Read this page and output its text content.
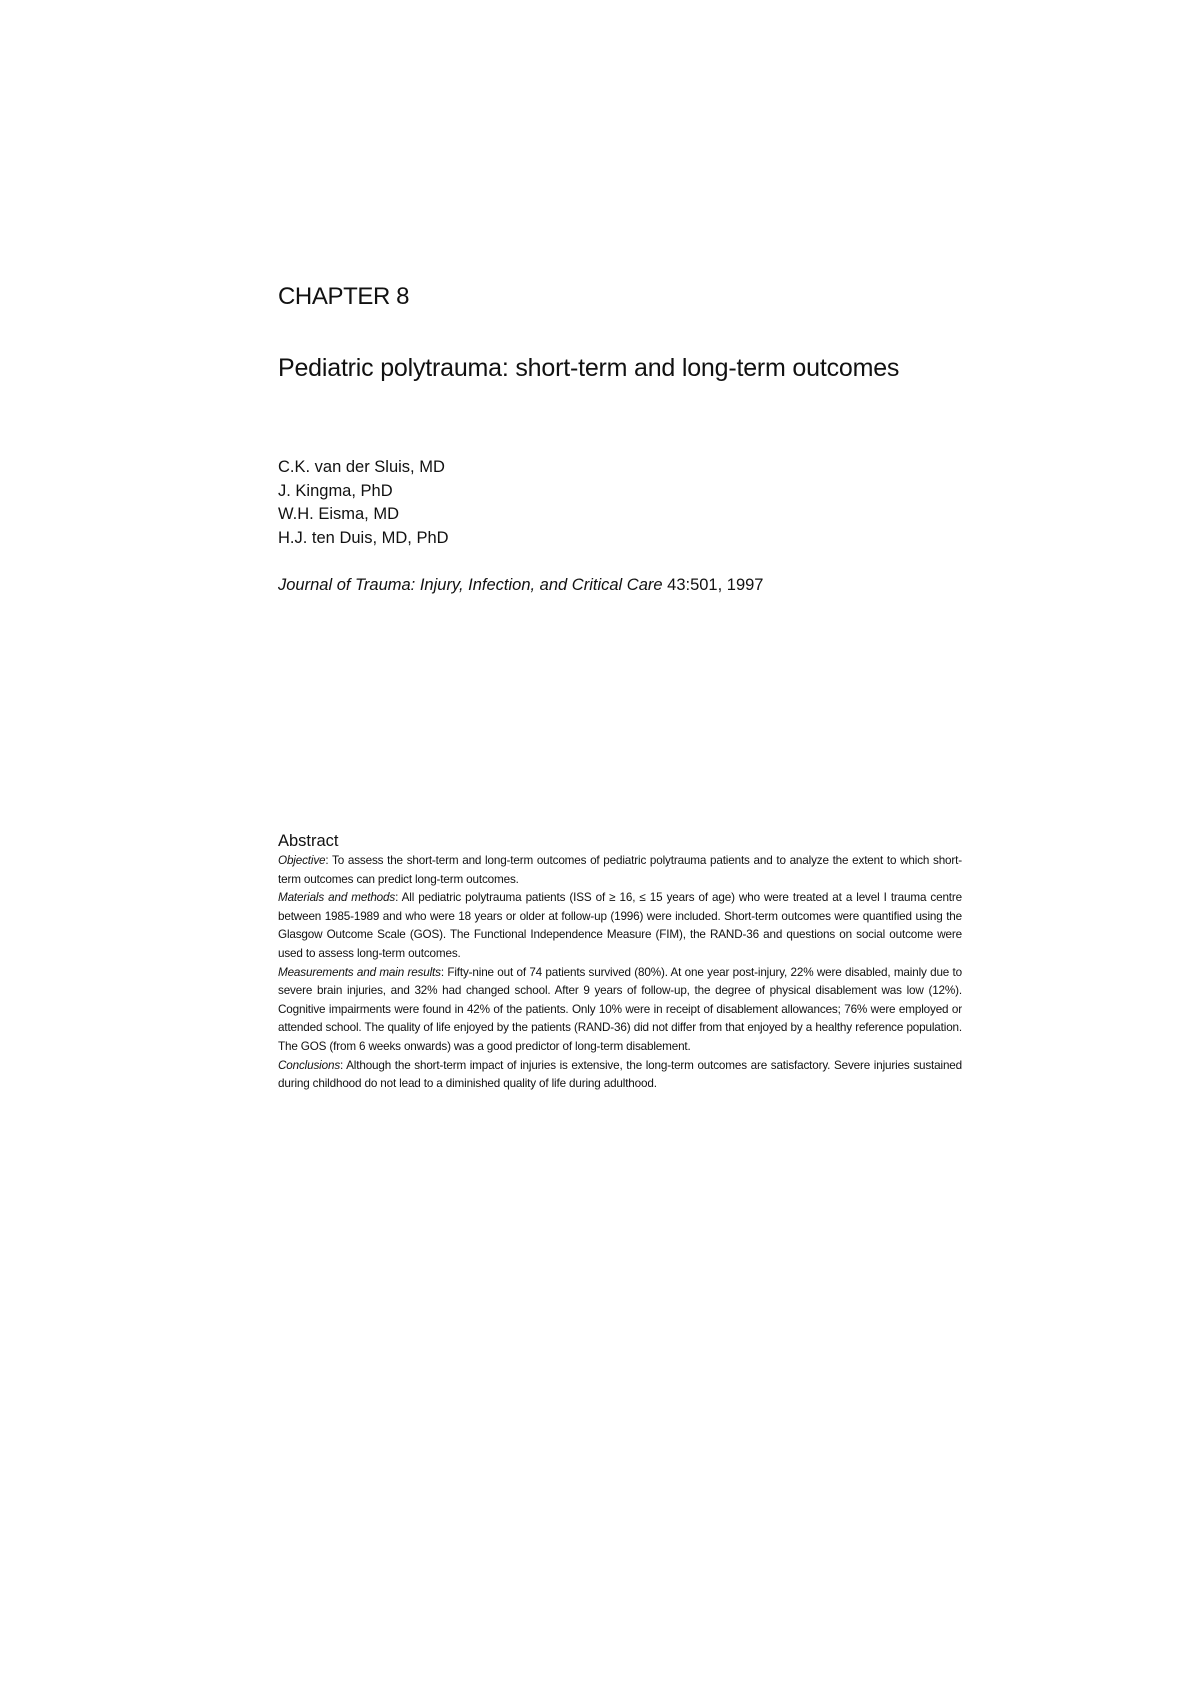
CHAPTER 8
Pediatric polytrauma: short-term and long-term outcomes
C.K. van der Sluis, MD
J. Kingma, PhD
W.H. Eisma, MD
H.J. ten Duis, MD, PhD
Journal of Trauma: Injury, Infection, and Critical Care 43:501, 1997
Abstract

Objective: To assess the short-term and long-term outcomes of pediatric polytrauma patients and to analyze the extent to which short-term outcomes can predict long-term outcomes.

Materials and methods: All pediatric polytrauma patients (ISS of ≥ 16, ≤ 15 years of age) who were treated at a level I trauma centre between 1985-1989 and who were 18 years or older at follow-up (1996) were included. Short-term outcomes were quantified using the Glasgow Outcome Scale (GOS). The Functional Independence Measure (FIM), the RAND-36 and questions on social outcome were used to assess long-term outcomes.

Measurements and main results: Fifty-nine out of 74 patients survived (80%). At one year post-injury, 22% were disabled, mainly due to severe brain injuries, and 32% had changed school. After 9 years of follow-up, the degree of physical disablement was low (12%). Cognitive impairments were found in 42% of the patients. Only 10% were in receipt of disablement allowances; 76% were employed or attended school. The quality of life enjoyed by the patients (RAND-36) did not differ from that enjoyed by a healthy reference population. The GOS (from 6 weeks onwards) was a good predictor of long-term disablement.

Conclusions: Although the short-term impact of injuries is extensive, the long-term outcomes are satisfactory. Severe injuries sustained during childhood do not lead to a diminished quality of life during adulthood.
